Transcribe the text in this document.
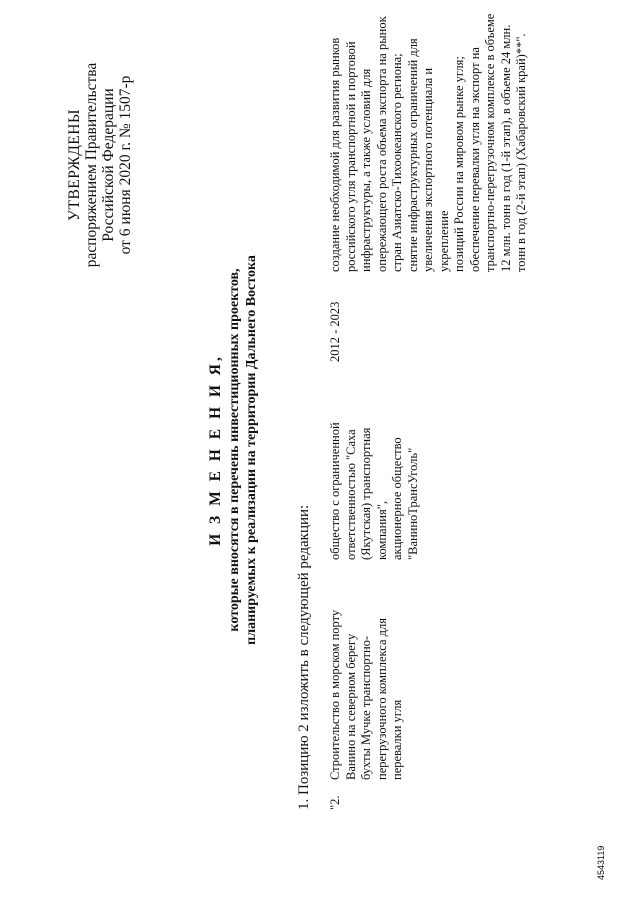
УТВЕРЖДЕНЫ распоряжением Правительства Российской Федерации от 6 июня 2020 г. № 1507-р
И З М Е Н Е Н И Я, которые вносятся в перечень инвестиционных проектов, планируемых к реализации на территории Дальнего Востока
1. Позицию 2 изложить в следующей редакции: "2.
Строительство в морском порту Ванино на северном берегу бухты Мучке транспортно- перегрузочного комплекса для перевалки угля
общество с ограниченной ответственностью "Саха (Якутская) транспортная компания", акционерное общество "ВаниноТрансУголь"
2012 - 2023
создание необходимой для развития рынков российского угля транспортной и портовой инфраструктуры, а также условий для опережающего роста объема экспорта на рынок стран Азиатско-Тихоокеанского региона; снятие инфраструктурных ограничений для увеличения экспортного потенциала и укрепление позиций России на мировом рынке угля; обеспечение перевалки угля на экспорт на транспортно-перегрузочном комплексе в объеме 12 млн. тонн в год (1-й этап), в объеме 24 млн. тонн в год (2-й этап) (Хабаровский край)**".
4543119
